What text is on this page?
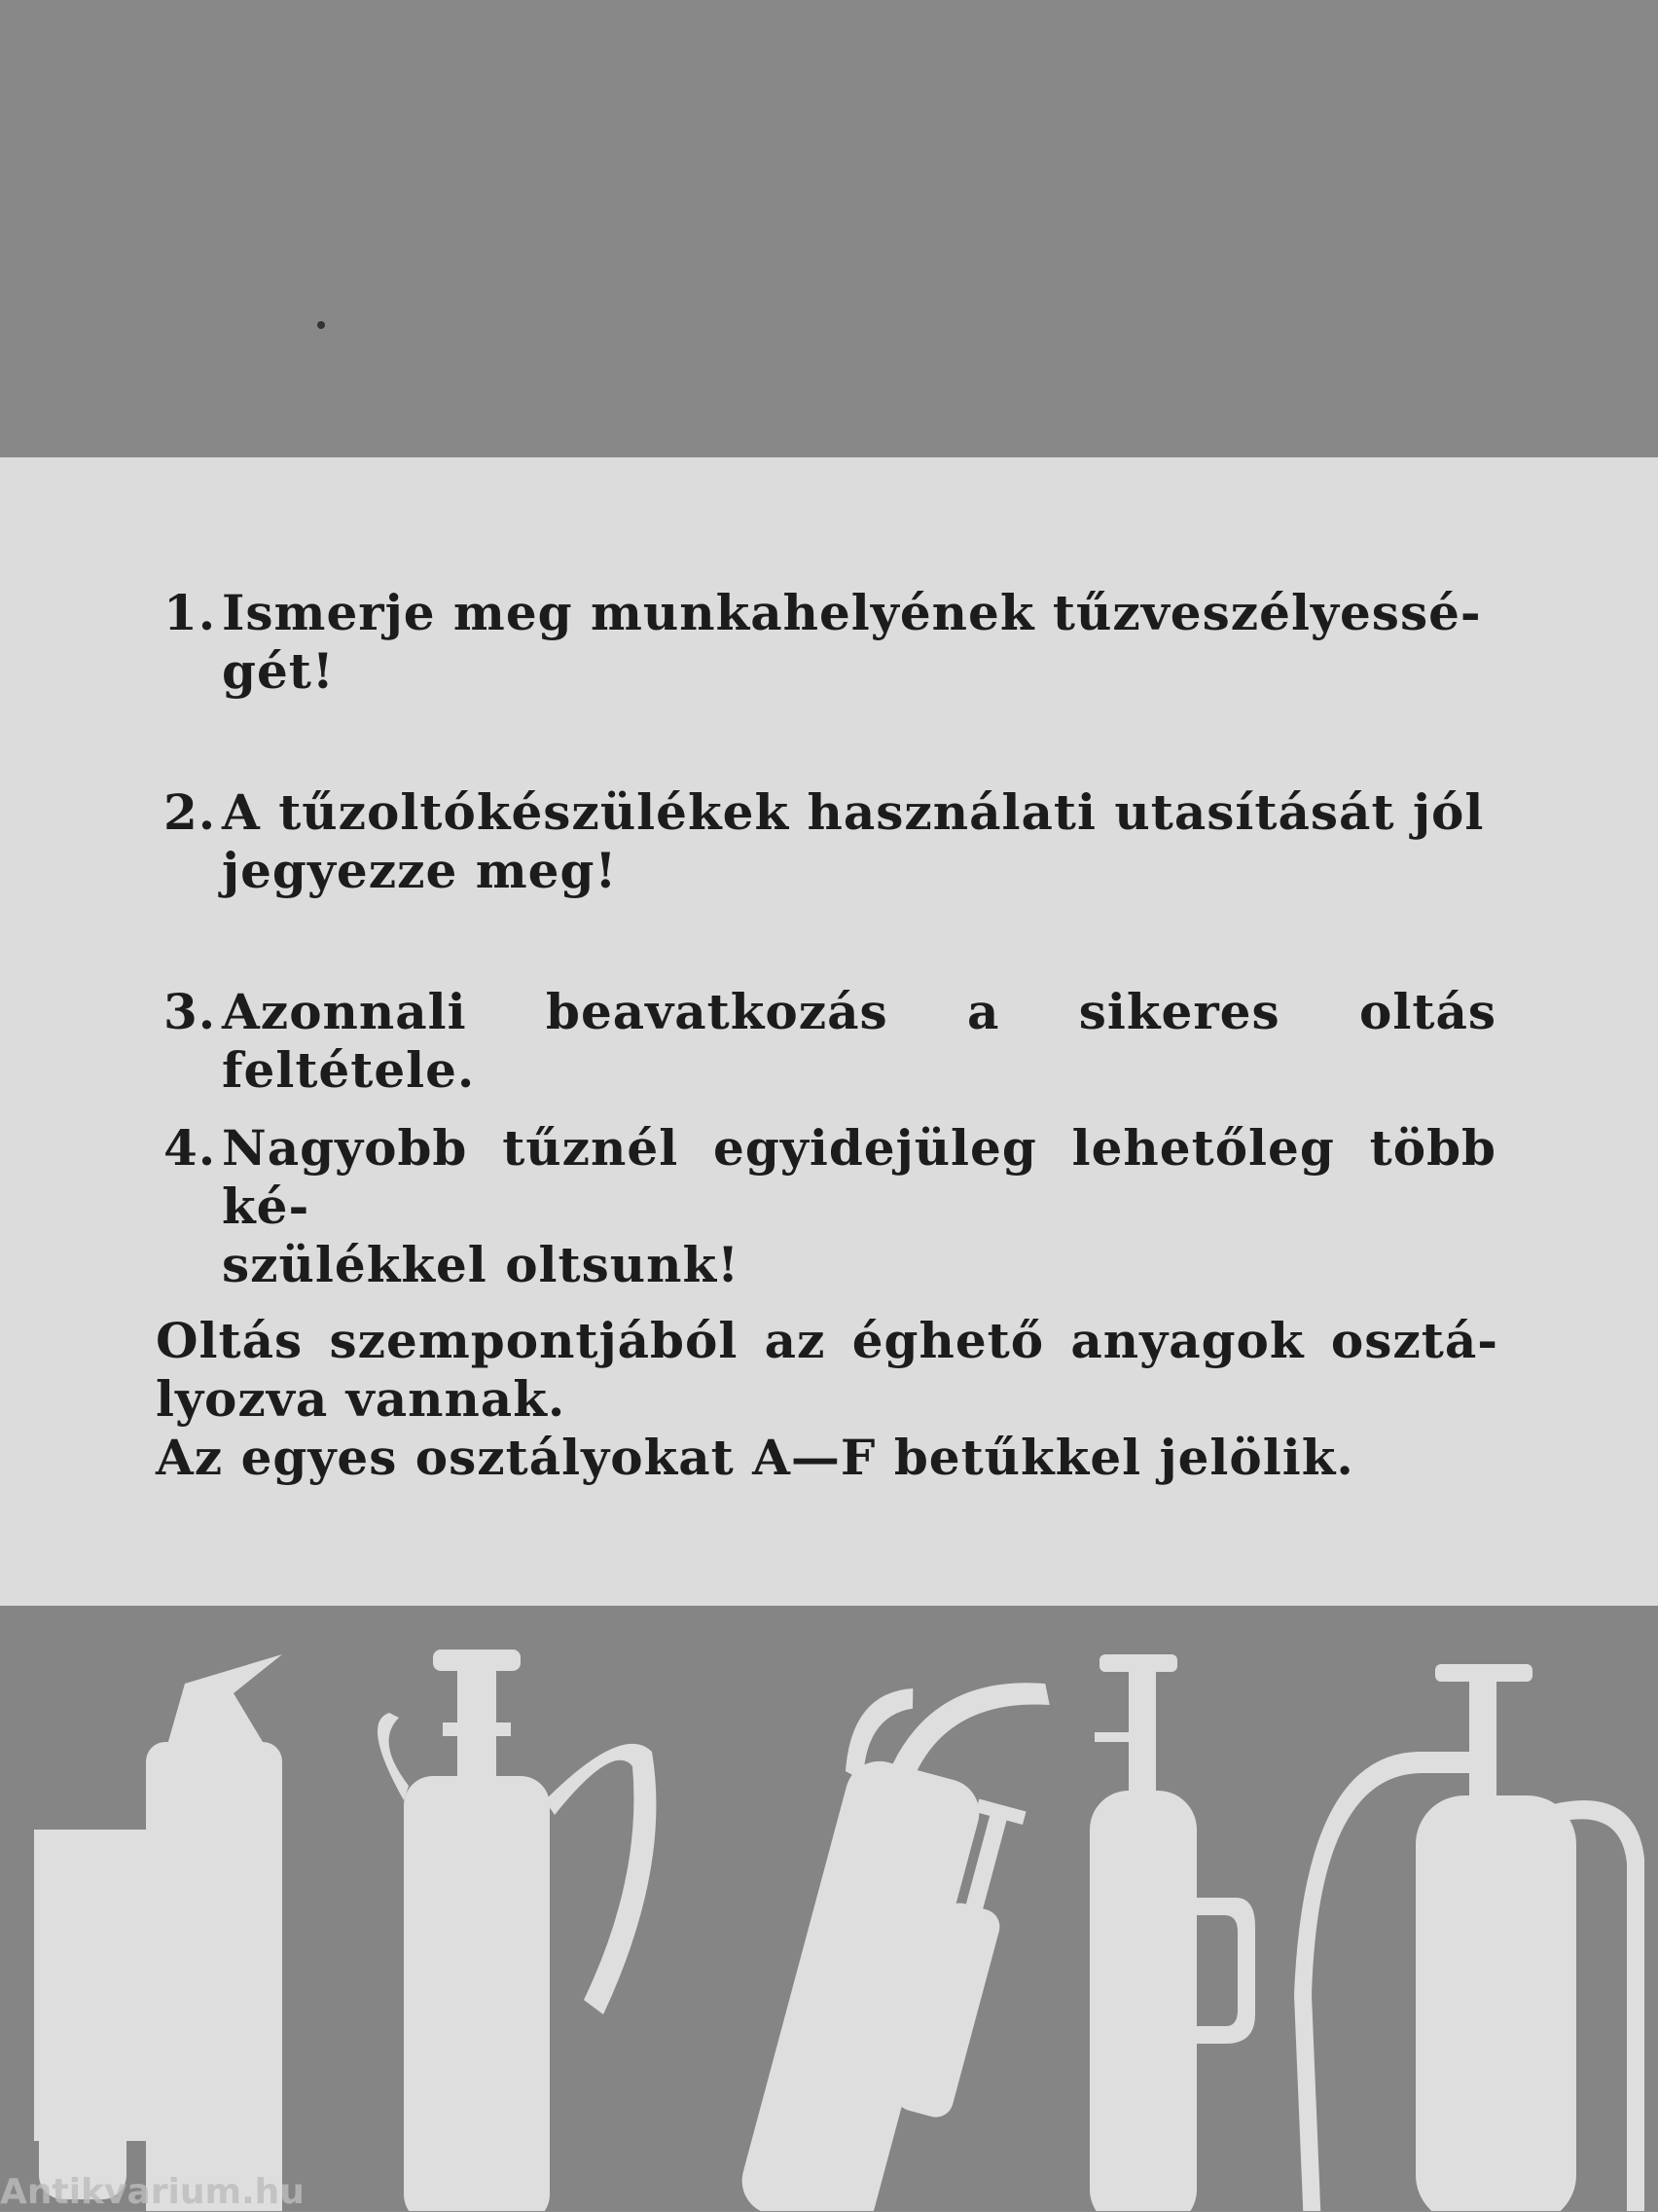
1. Ismerje meg munkahelyének tűzveszélyessé-
gét!
2. A tűzoltókészülékek használati utasítását jól
jegyezze meg!
3. Azonnali beavatkozás a sikeres oltás feltétele.
4. Nagyobb tűznél egyidejüleg lehetőleg több ké-
szülékkel oltsunk!
Oltás szempontjából az éghető anyagok osztá-
lyozva vannak.
Az egyes osztályokat A—F betűkkel jelölik.
Antikvarium.hu
